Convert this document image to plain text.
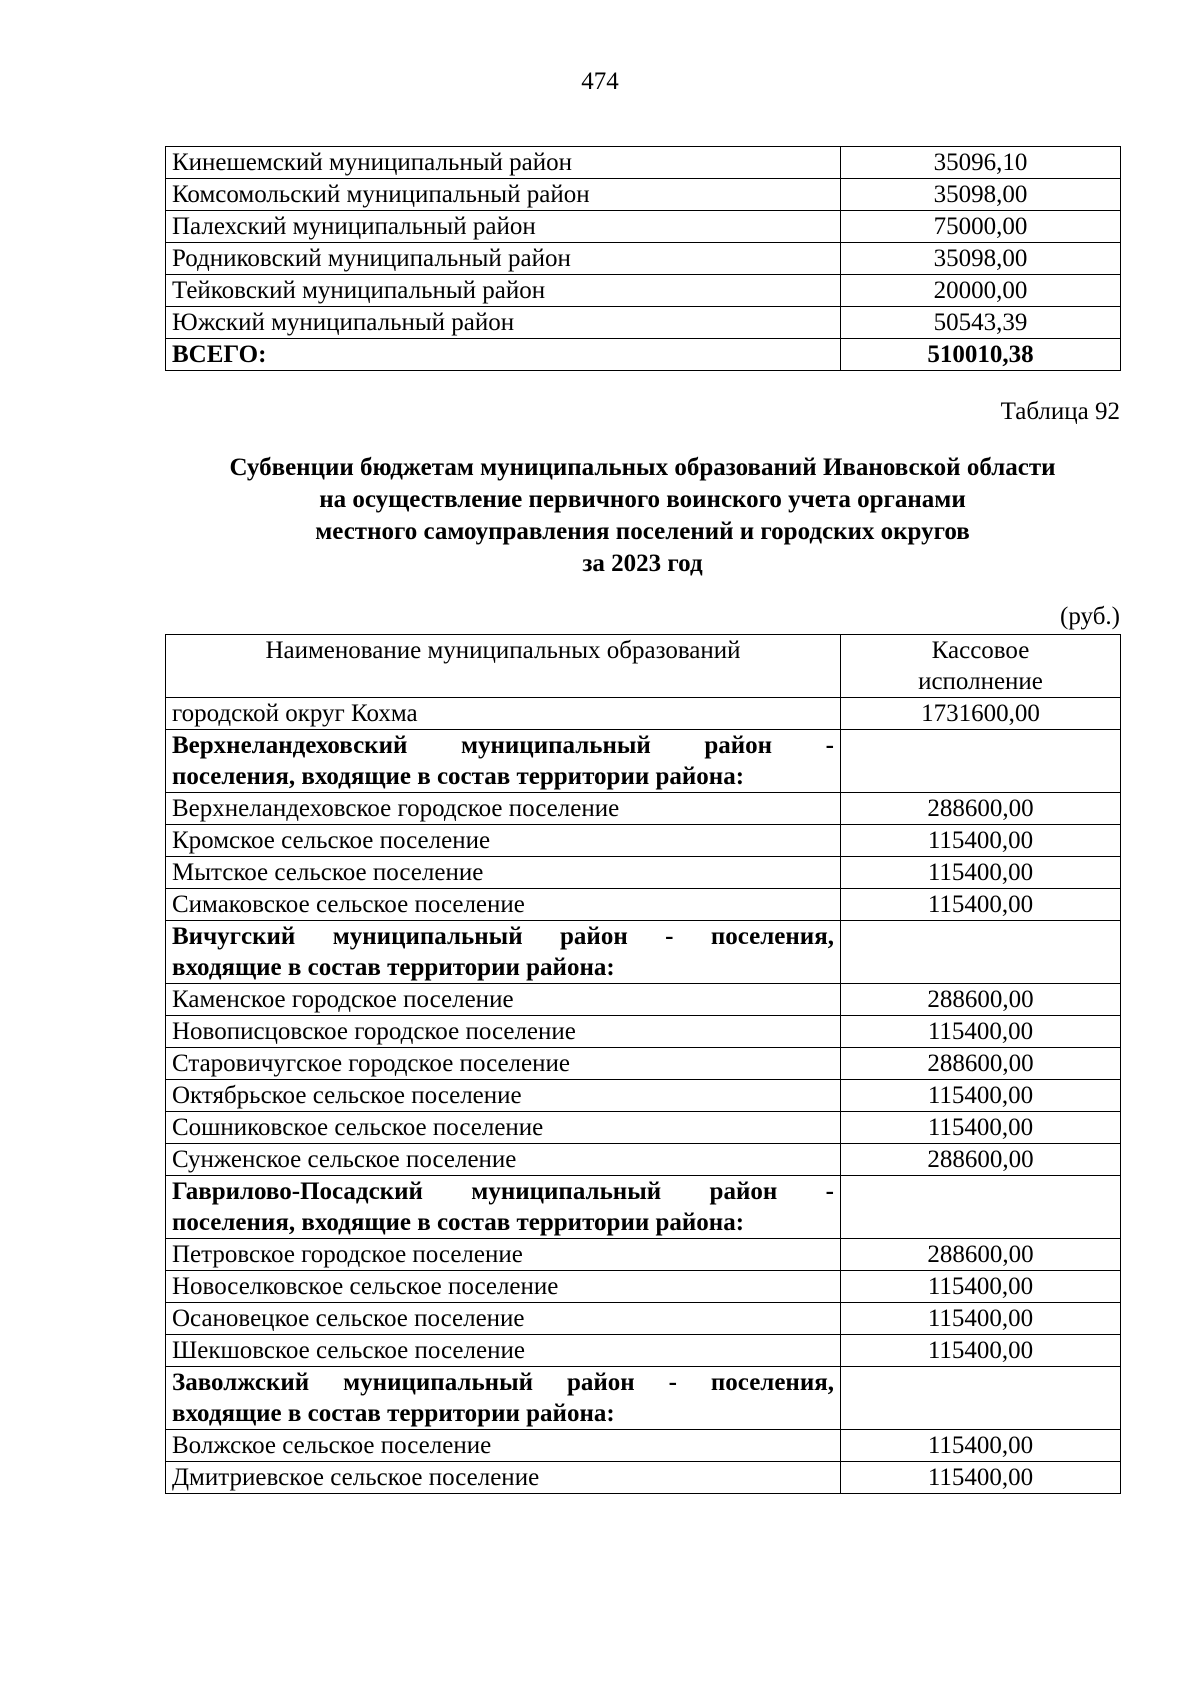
474
Кинешемский муниципальный район	35096,10
Комсомольский муниципальный район	35098,00
Палехский муниципальный район	75000,00
Родниковский муниципальный район	35098,00
Тейковский муниципальный район	20000,00
Южский муниципальный район	50543,39
ВСЕГО:	510010,38
Таблица 92
Субвенции бюджетам муниципальных образований Ивановской области
на осуществление первичного воинского учета органами
местного самоуправления поселений и городских округов
за 2023 год
(руб.)
Наименование муниципальных образований	Кассовое
исполнение

городской округ Кохма	1731600,00
Верхнеландеховский муниципальный район -
поселения, входящие в состав территории района:	

Верхнеландеховское городское поселение	288600,00
Кромское сельское поселение	115400,00
Мытское сельское поселение	115400,00
Симаковское сельское поселение	115400,00
Вичугский муниципальный район - поселения,
входящие в состав территории района:	

Каменское городское поселение	288600,00
Новописцовское городское поселение	115400,00
Старовичугское городское поселение	288600,00
Октябрьское сельское поселение	115400,00
Сошниковское сельское поселение	115400,00
Сунженское сельское поселение	288600,00
Гаврилово-Посадский муниципальный район -
поселения, входящие в состав территории района:	

Петровское городское поселение	288600,00
Новоселковское сельское поселение	115400,00
Осановецкое сельское поселение	115400,00
Шекшовское сельское поселение	115400,00
Заволжский муниципальный район - поселения,
входящие в состав территории района:	

Волжское сельское поселение	115400,00
Дмитриевское сельское поселение	115400,00
